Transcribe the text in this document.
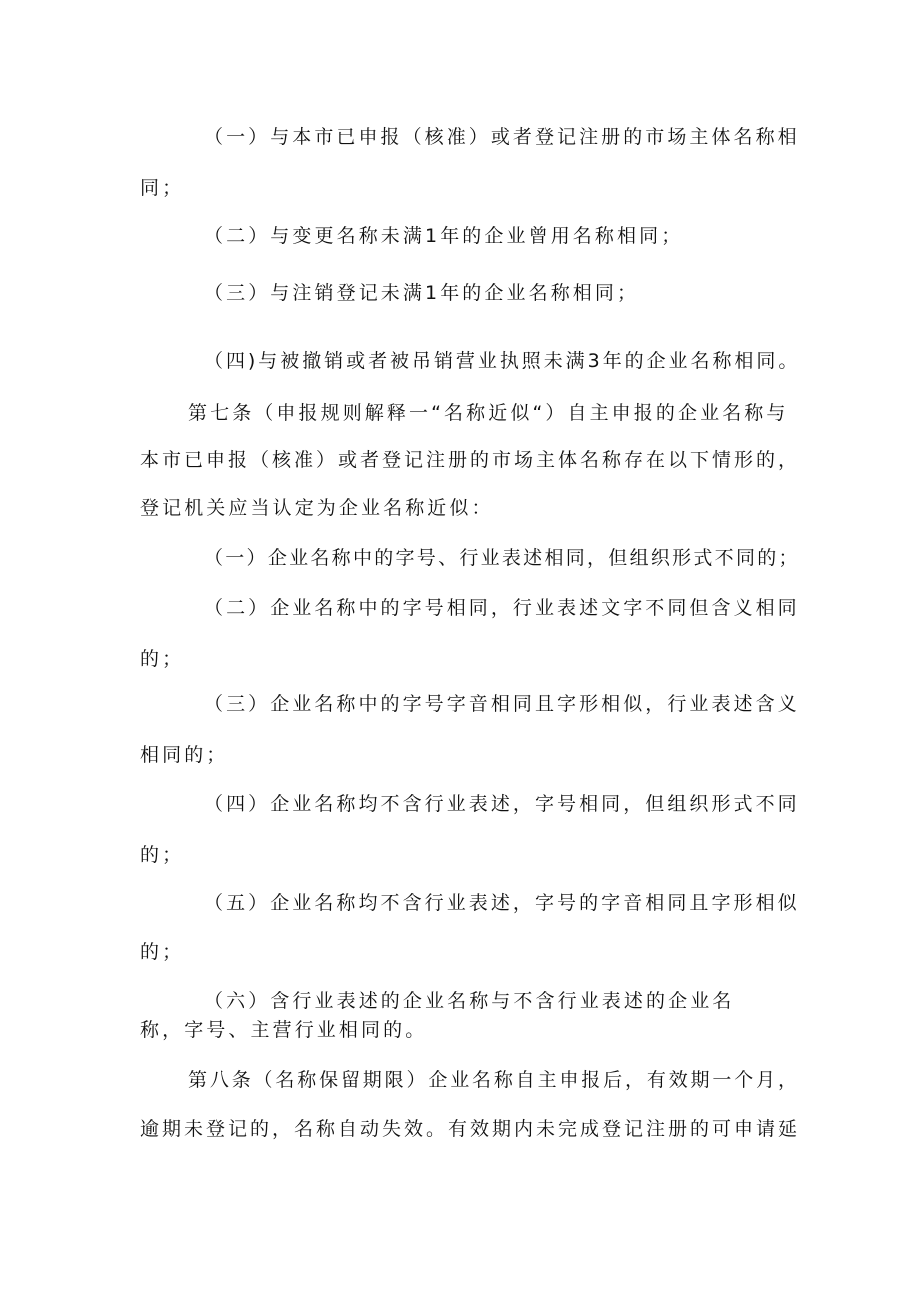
（一）与本市已申报（核准）或者登记注册的市场主体名称相

同；

（二）与变更名称未满1年的企业曾用名称相同；

（三）与注销登记未满1年的企业名称相同；

（四)与被撤销或者被吊销营业执照未满3年的企业名称相同。

第七条（申报规则解释一“名称近似“）自主申报的企业名称与

本市已申报（核准）或者登记注册的市场主体名称存在以下情形的，

登记机关应当认定为企业名称近似：

（一）企业名称中的字号、行业表述相同，但组织形式不同的；

（二）企业名称中的字号相同，行业表述文字不同但含义相同

的；

（三）企业名称中的字号字音相同且字形相似，行业表述含义

相同的；

（四）企业名称均不含行业表述，字号相同，但组织形式不同

的；

（五）企业名称均不含行业表述，字号的字音相同且字形相似

的；

（六）含行业表述的企业名称与不含行业表述的企业名

称，字号、主营行业相同的。

第八条（名称保留期限）企业名称自主申报后，有效期一个月，

逾期未登记的，名称自动失效。有效期内未完成登记注册的可申请延
